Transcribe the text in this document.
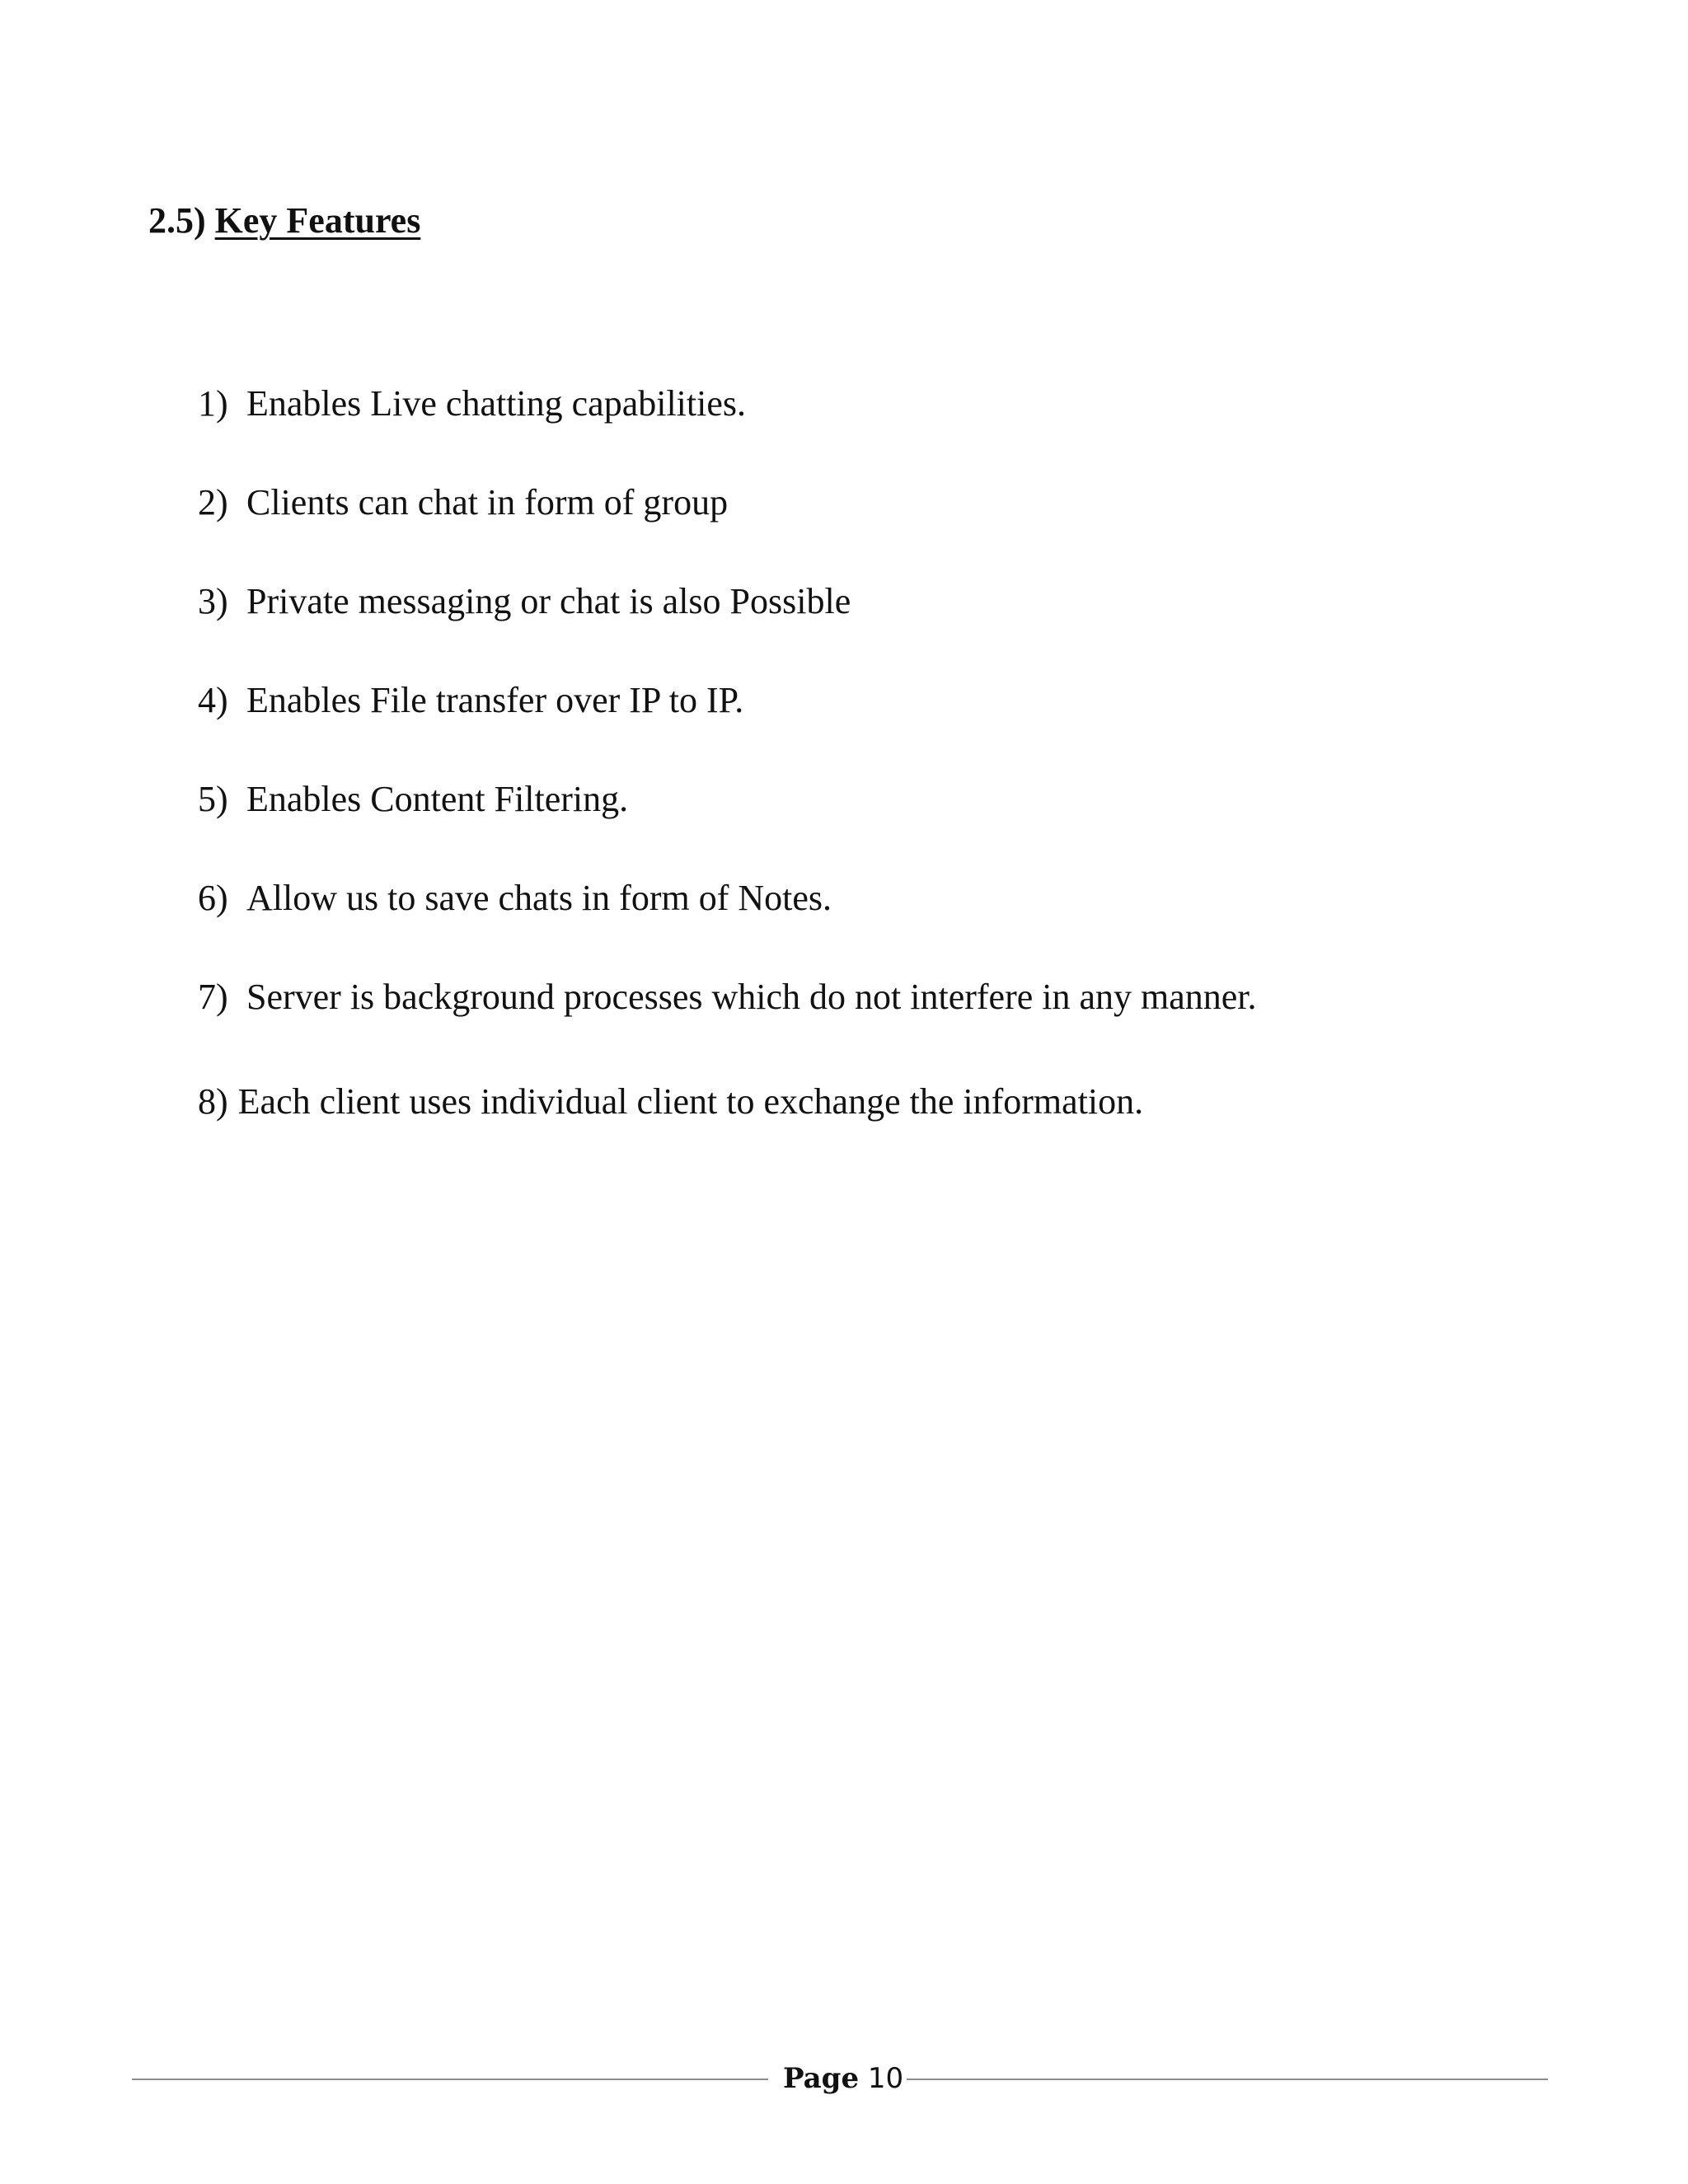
2.5) Key Features
1) Enables Live chatting capabilities.
2) Clients can chat in form of group
3) Private messaging or chat is also Possible
4) Enables File transfer over IP to IP.
5) Enables Content Filtering.
6) Allow us to save chats in form of Notes.
7) Server is background processes which do not interfere in any manner.
8) Each client uses individual client to exchange the information.
Page 10
